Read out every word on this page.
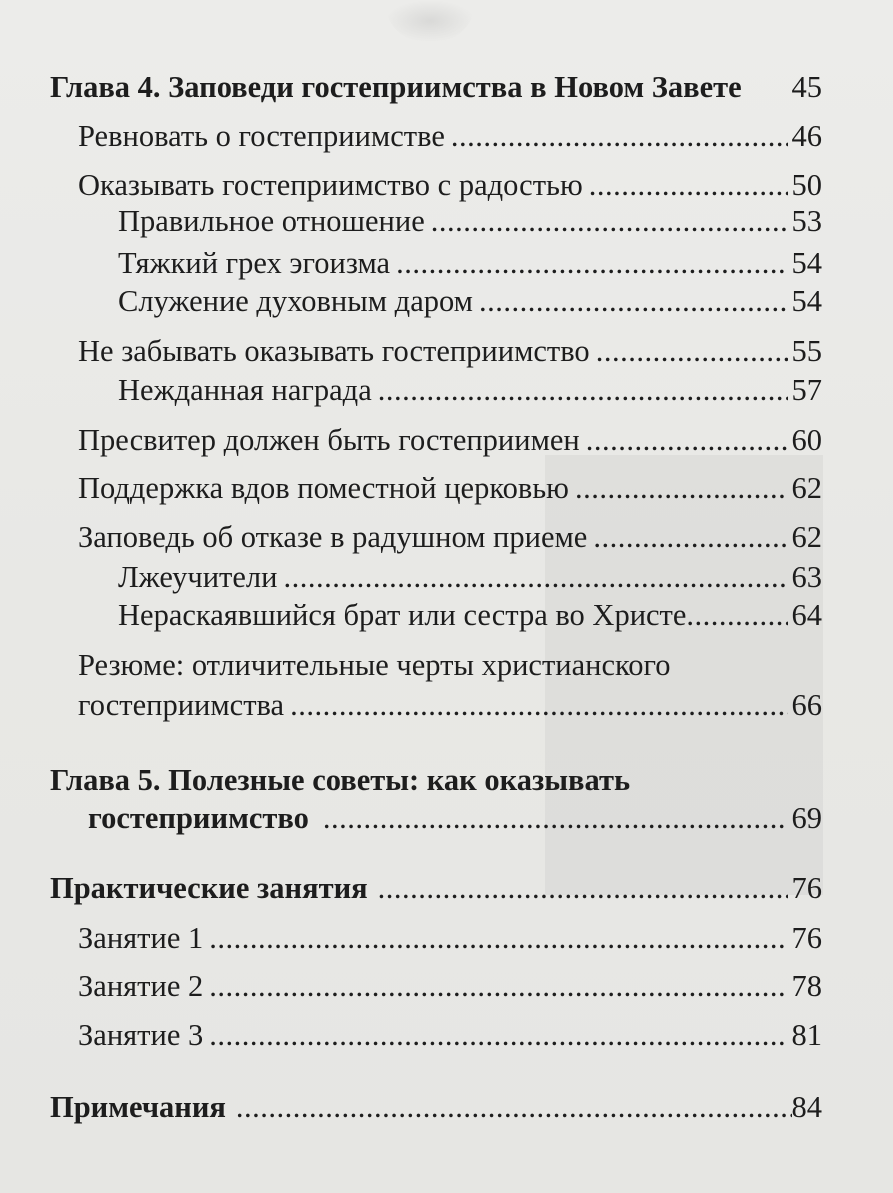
Глава 4. Заповеди гостеприимства в Новом Завете 45
Ревновать о гостеприимстве .....	46
Оказывать гостеприимство с радостью .....	50
Правильное отношение .....	53
Тяжкий грех эгоизма .....	54
Служение духовным даром .....	54
Не забывать оказывать гостеприимство .....	55
Нежданная награда .....	57
Пресвитер должен быть гостеприимен .....	60
Поддержка вдов поместной церковью .....	62
Заповедь об отказе в радушном приеме .....	62
Лжеучители .....	63
Нераскаявшийся брат или сестра во Христе .....	64
Резюме: отличительные черты христианского
гостеприимства .....	66
Глава 5. Полезные советы: как оказывать
гостеприимство .....	69
Практические занятия .....	76
Занятие 1 .....	76
Занятие 2 .....	78
Занятие 3 .....	81
Примечания .....	84
